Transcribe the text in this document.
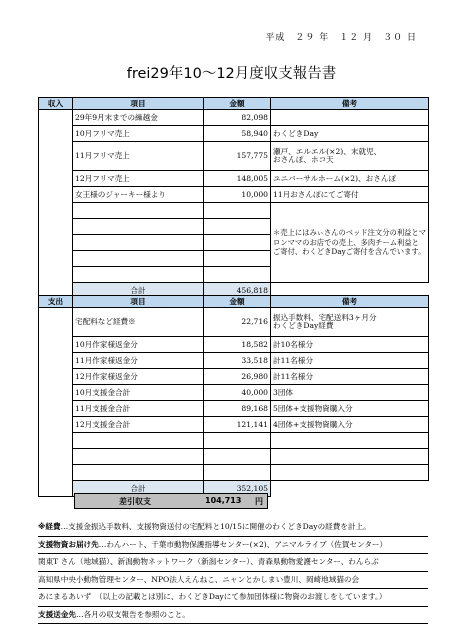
平成　２９ 年　１２ 月　３０ 日
frei29年10～12月度収支報告書
収入	項目	金額	備考
	29年9月末までの繰越金	82,098	
	10月フリマ売上	58,940	わくどきDay
	11月フリマ売上	157,775	瀬戸、エルエル(×2)、末就児、
おさんぽ、ホコ天
	12月フリマ売上	148,005	ユニバーサルホーム(×2)、おさんぽ
	女王様のジャーキー様より	10,000	11月おさんぽにてご寄付
			＊売上にはみぃさんのベッド注文分の利益とマロンママのお店での売上、多肉チーム利益とご寄付、わくどきDayご寄付を含んでいます。

	合計	456,818	
支出	項目	金額	備考
	宅配料など経費※	22,716	振込手数料、宅配送料3ヶ月分
わくどきDay経費
	10月作家様返金分	18,582	計10名様分
	11月作家様返金分	33,518	計11名様分
	12月作家様返金分	26,980	計11名様分
	10月支援金合計	40,000	3団体
	11月支援金合計	89,168	5団体+支援物資購入分
	12月支援金合計	121,141	4団体+支援物資購入分

	合計	352,105	
差引収支	104,713 円
※経費…支援金振込手数料、支援物資送付の宅配料と10/15に開催のわくどきDayの経費を計上。
支援物資お届け先…わんハート、千葉市動物保護指導センター(×2)、アニマルライブ（佐賀センター）
関東T さん（地域猫）、新潟動物ネットワーク（新潟センター）、青森県動物愛護センター、わんらぶ
高知県中央小動物管理センター、NPO法人えんねこ、ニャンとかしまい豊川、岡崎地域猫の会
あにまるあいず　（以上の記載とは別に、わくどきDayにて参加団体様に物資のお渡しをしています。）
支援送金先…各月の収支報告を参照のこと。
